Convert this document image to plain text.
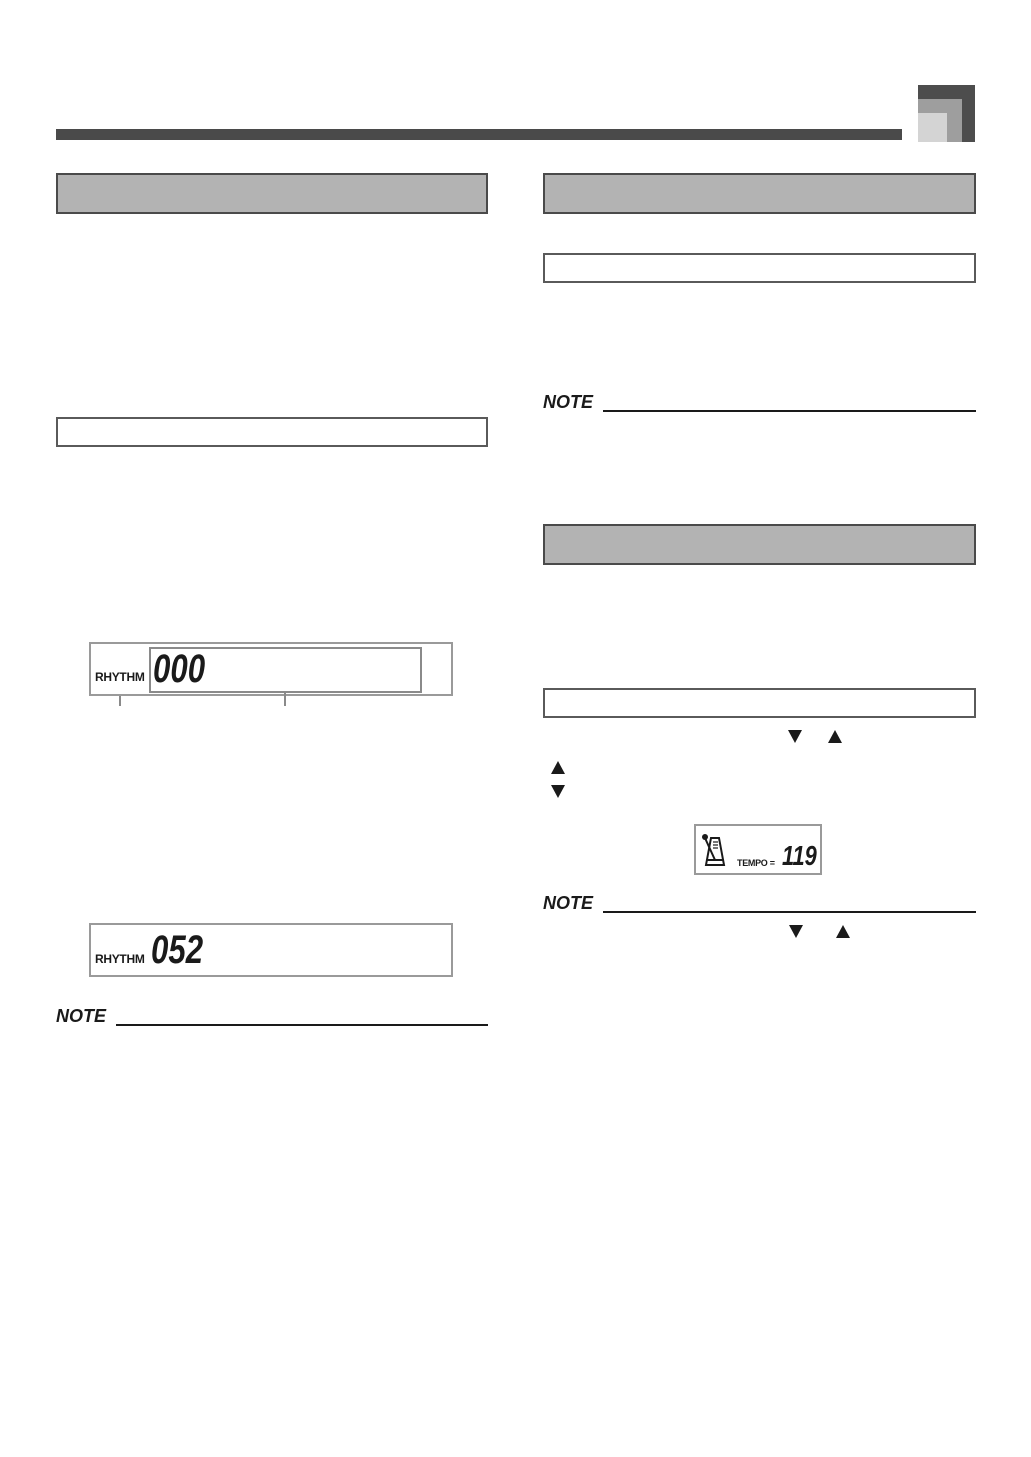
RHYTHM 000
RHYTHM 052
NOTE
NOTE
TEMPO = 119
NOTE
